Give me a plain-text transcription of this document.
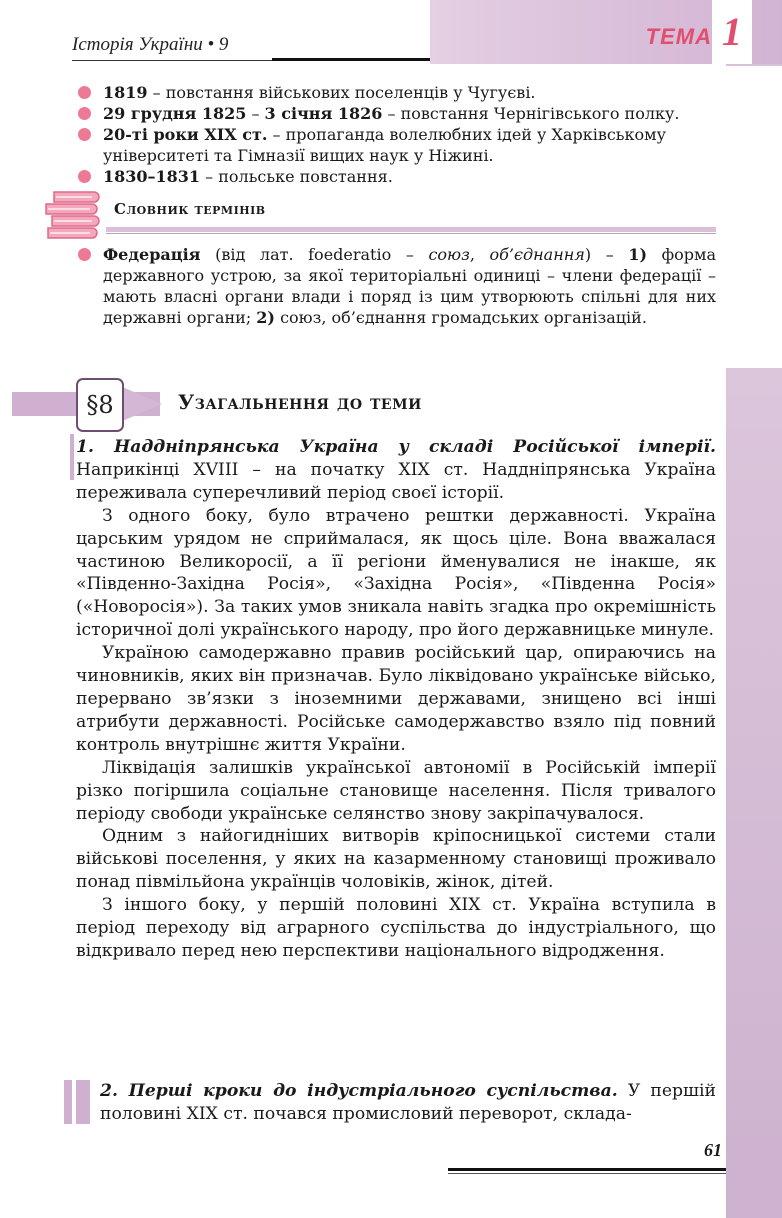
Історія України • 9	ТЕМА 1
1819 – повстання військових поселенців у Чугуєві.
29 грудня 1825 – 3 січня 1826 – повстання Чернігівського полку.
20-ті роки XIX ст. – пропаганда волелюбних ідей у Харківському університеті та Гімназії вищих наук у Ніжині.
1830–1831 – польське повстання.
Словник термінів
Федерація (від лат. foederatio – союз, об’єднання) – 1) форма державного устрою, за якої територіальні одиниці – члени федерації – мають власні органи влади і поряд із цим утворюють спільні для них державні органи; 2) союз, об’єднання громадських організацій.
§8	Узагальнення до теми

1. Наддніпрянська Україна у складі Російської імперії. Наприкінці XVIII – на початку XIX ст. Наддніпрянська Україна переживала суперечливий період своєї історії.

З одного боку, було втрачено рештки державності. Україна царським урядом не сприймалася, як щось ціле. Вона вважалася частиною Великоросії, а її регіони йменувалися не інакше, як «Південно-Західна Росія», «Західна Росія», «Південна Росія» («Новоросія»). За таких умов зникала навіть згадка про окремішність історичної долі українського народу, про його державницьке минуле.

Україною самодержавно правив російський цар, опираючись на чиновників, яких він призначав. Було ліквідовано українське військо, перервано зв’язки з іноземними державами, знищено всі інші атрибути державності. Російське самодержавство взяло під повний контроль внутрішнє життя України.

Ліквідація залишків української автономії в Російській імперії різко погіршила соціальне становище населення. Після тривалого періоду свободи українське селянство знову закріпачувалося.

Одним з найогидніших витворів кріпосницької системи стали військові поселення, у яких на казарменному становищі проживало понад півмільйона українців чоловіків, жінок, дітей.

З іншого боку, у першій половині XIX ст. Україна вступила в період переходу від аграрного суспільства до індустріального, що відкривало перед нею перспективи національного відродження.

2. Перші кроки до індустріального суспільства. У першій половині XIX ст. почався промисловий переворот, склада-
61
